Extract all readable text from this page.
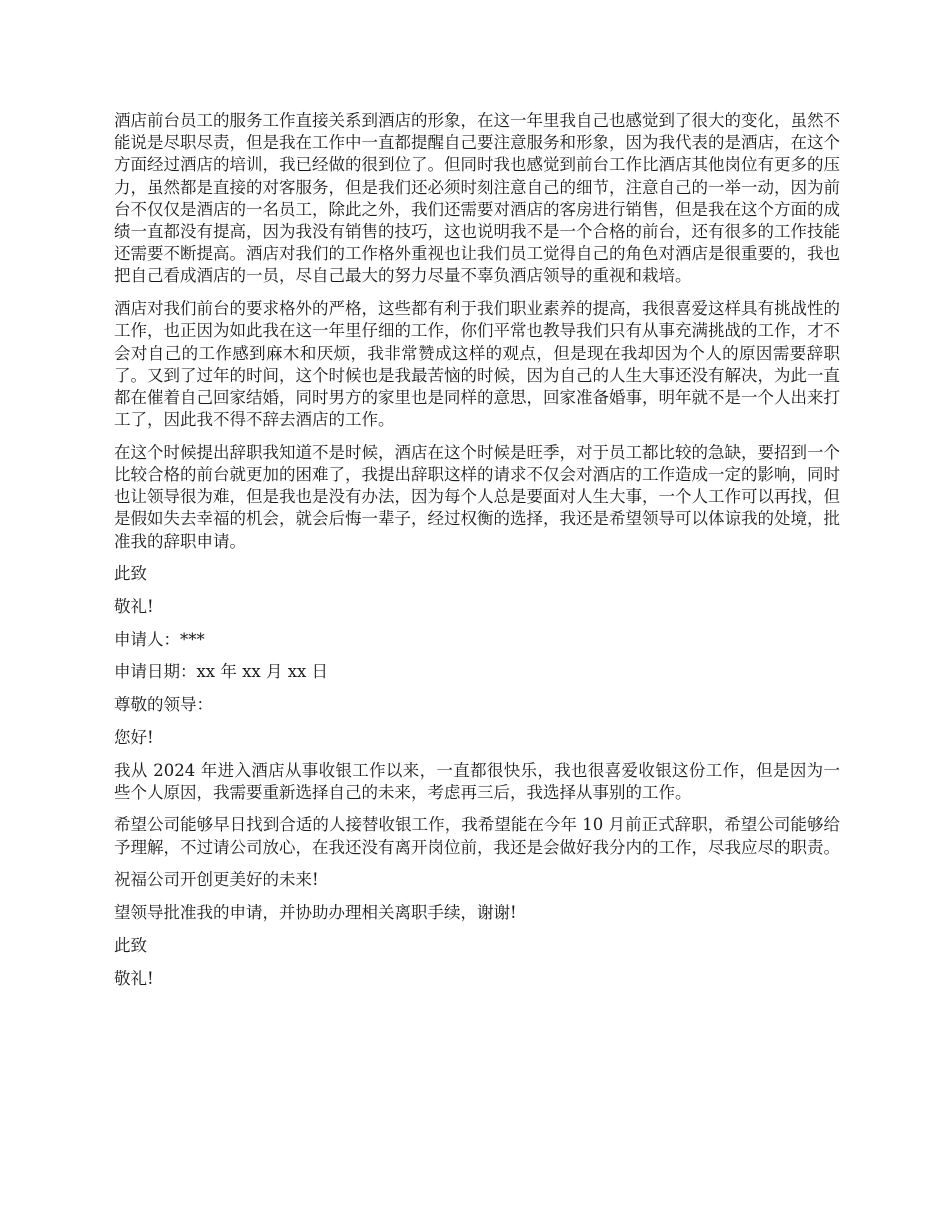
酒店前台员工的服务工作直接关系到酒店的形象，在这一年里我自己也感觉到了很大的变化，虽然不能说是尽职尽责，但是我在工作中一直都提醒自己要注意服务和形象，因为我代表的是酒店，在这个方面经过酒店的培训，我已经做的很到位了。但同时我也感觉到前台工作比酒店其他岗位有更多的压力，虽然都是直接的对客服务，但是我们还必须时刻注意自己的细节，注意自己的一举一动，因为前台不仅仅是酒店的一名员工，除此之外，我们还需要对酒店的客房进行销售，但是我在这个方面的成绩一直都没有提高，因为我没有销售的技巧，这也说明我不是一个合格的前台，还有很多的工作技能还需要不断提高。酒店对我们的工作格外重视也让我们员工觉得自己的角色对酒店是很重要的，我也把自己看成酒店的一员，尽自己最大的努力尽量不辜负酒店领导的重视和栽培。

酒店对我们前台的要求格外的严格，这些都有利于我们职业素养的提高，我很喜爱这样具有挑战性的工作，也正因为如此我在这一年里仔细的工作，你们平常也教导我们只有从事充满挑战的工作，才不会对自己的工作感到麻木和厌烦，我非常赞成这样的观点，但是现在我却因为个人的原因需要辞职了。又到了过年的时间，这个时候也是我最苦恼的时候，因为自己的人生大事还没有解决，为此一直都在催着自己回家结婚，同时男方的家里也是同样的意思，回家准备婚事，明年就不是一个人出来打工了，因此我不得不辞去酒店的工作。

在这个时候提出辞职我知道不是时候，酒店在这个时候是旺季，对于员工都比较的急缺，要招到一个比较合格的前台就更加的困难了，我提出辞职这样的请求不仅会对酒店的工作造成一定的影响，同时也让领导很为难，但是我也是没有办法，因为每个人总是要面对人生大事，一个人工作可以再找，但是假如失去幸福的机会，就会后悔一辈子，经过权衡的选择，我还是希望领导可以体谅我的处境，批准我的辞职申请。

此致

敬礼!

申请人：***

申请日期：xx 年 xx 月 xx 日

尊敬的领导：

您好!

我从 2024 年进入酒店从事收银工作以来，一直都很快乐，我也很喜爱收银这份工作，但是因为一些个人原因，我需要重新选择自己的未来，考虑再三后，我选择从事别的工作。

希望公司能够早日找到合适的人接替收银工作，我希望能在今年 10 月前正式辞职，希望公司能够给予理解，不过请公司放心，在我还没有离开岗位前，我还是会做好我分内的工作，尽我应尽的职责。

祝福公司开创更美好的未来!

望领导批准我的申请，并协助办理相关离职手续，谢谢!

此致

敬礼!
